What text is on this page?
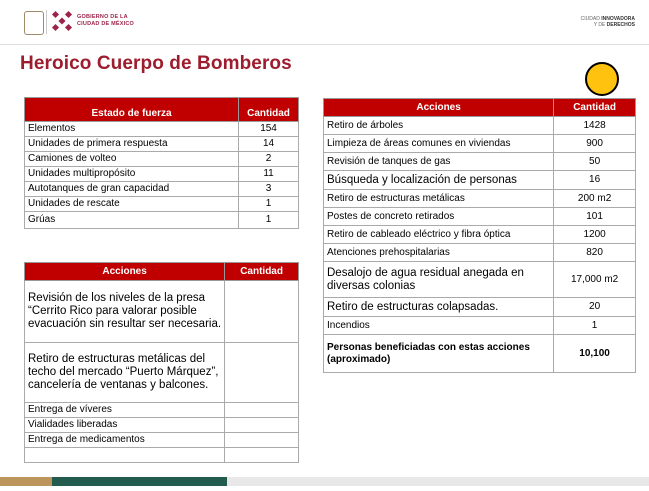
GOBIERNO DE LA
CIUDAD DE MÉXICO
CIUDAD INNOVADORA
Y DE DERECHOS
Heroico Cuerpo de Bomberos
Estado de fuerza	Cantidad
Elementos	154
Unidades de primera respuesta	14
Camiones de volteo	2
Unidades multipropósito	11
Autotanques de gran capacidad	3
Unidades de rescate	1
Grúas	1
Acciones	Cantidad
Revisión de los niveles de la presa “Cerrito Rico para valorar posible evacuación sin resultar ser necesaria.	
Retiro de estructuras metálicas del techo del mercado “Puerto Márquez”, cancelería de ventanas y balcones.	
Entrega de víveres	
Vialidades liberadas	
Entrega de medicamentos	

Acciones	Cantidad
Retiro de árboles	1428
Limpieza de áreas comunes en viviendas	900
Revisión de tanques de gas	50
Búsqueda y localización de personas	16
Retiro de estructuras metálicas	200 m2
Postes de concreto retirados	101
Retiro de cableado eléctrico y fibra óptica	1200
Atenciones prehospitalarias	820
Desalojo de agua residual anegada en diversas colonias	17,000 m2
Retiro de estructuras colapsadas.	20
Incendios	1
Personas beneficiadas con estas acciones (aproximado)	10,100
